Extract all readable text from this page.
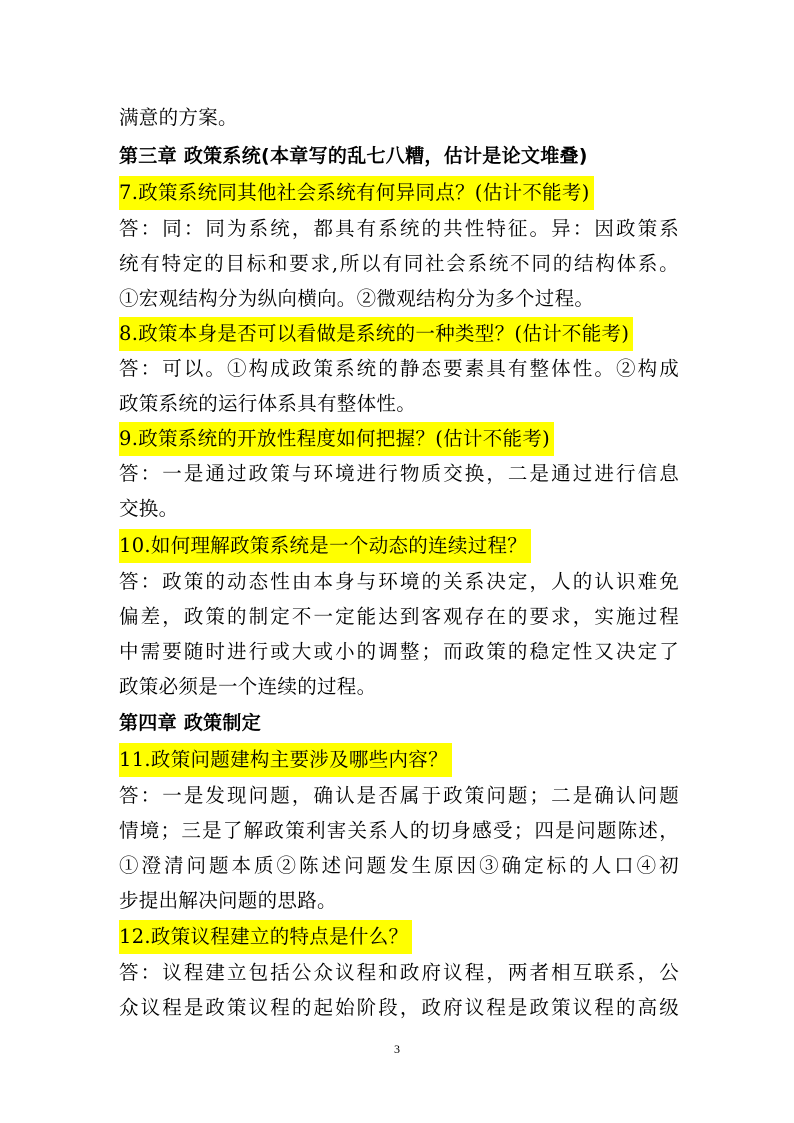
满意的方案。
第三章 政策系统(本章写的乱七八糟，估计是论文堆叠)
7.政策系统同其他社会系统有何异同点？(估计不能考)
答：同：同为系统，都具有系统的共性特征。异：因政策系
统有特定的目标和要求,所以有同社会系统不同的结构体系。
①宏观结构分为纵向横向。②微观结构分为多个过程。
8.政策本身是否可以看做是系统的一种类型？(估计不能考)
答：可以。①构成政策系统的静态要素具有整体性。②构成
政策系统的运行体系具有整体性。
9.政策系统的开放性程度如何把握？(估计不能考)
答：一是通过政策与环境进行物质交换，二是通过进行信息
交换。
10.如何理解政策系统是一个动态的连续过程？
答：政策的动态性由本身与环境的关系决定，人的认识难免
偏差，政策的制定不一定能达到客观存在的要求，实施过程
中需要随时进行或大或小的调整；而政策的稳定性又决定了
政策必须是一个连续的过程。
第四章 政策制定
11.政策问题建构主要涉及哪些内容？
答：一是发现问题，确认是否属于政策问题；二是确认问题
情境；三是了解政策利害关系人的切身感受；四是问题陈述，
①澄清问题本质②陈述问题发生原因③确定标的人口④初
步提出解决问题的思路。
12.政策议程建立的特点是什么？
答：议程建立包括公众议程和政府议程，两者相互联系，公
众议程是政策议程的起始阶段，政府议程是政策议程的高级
3
